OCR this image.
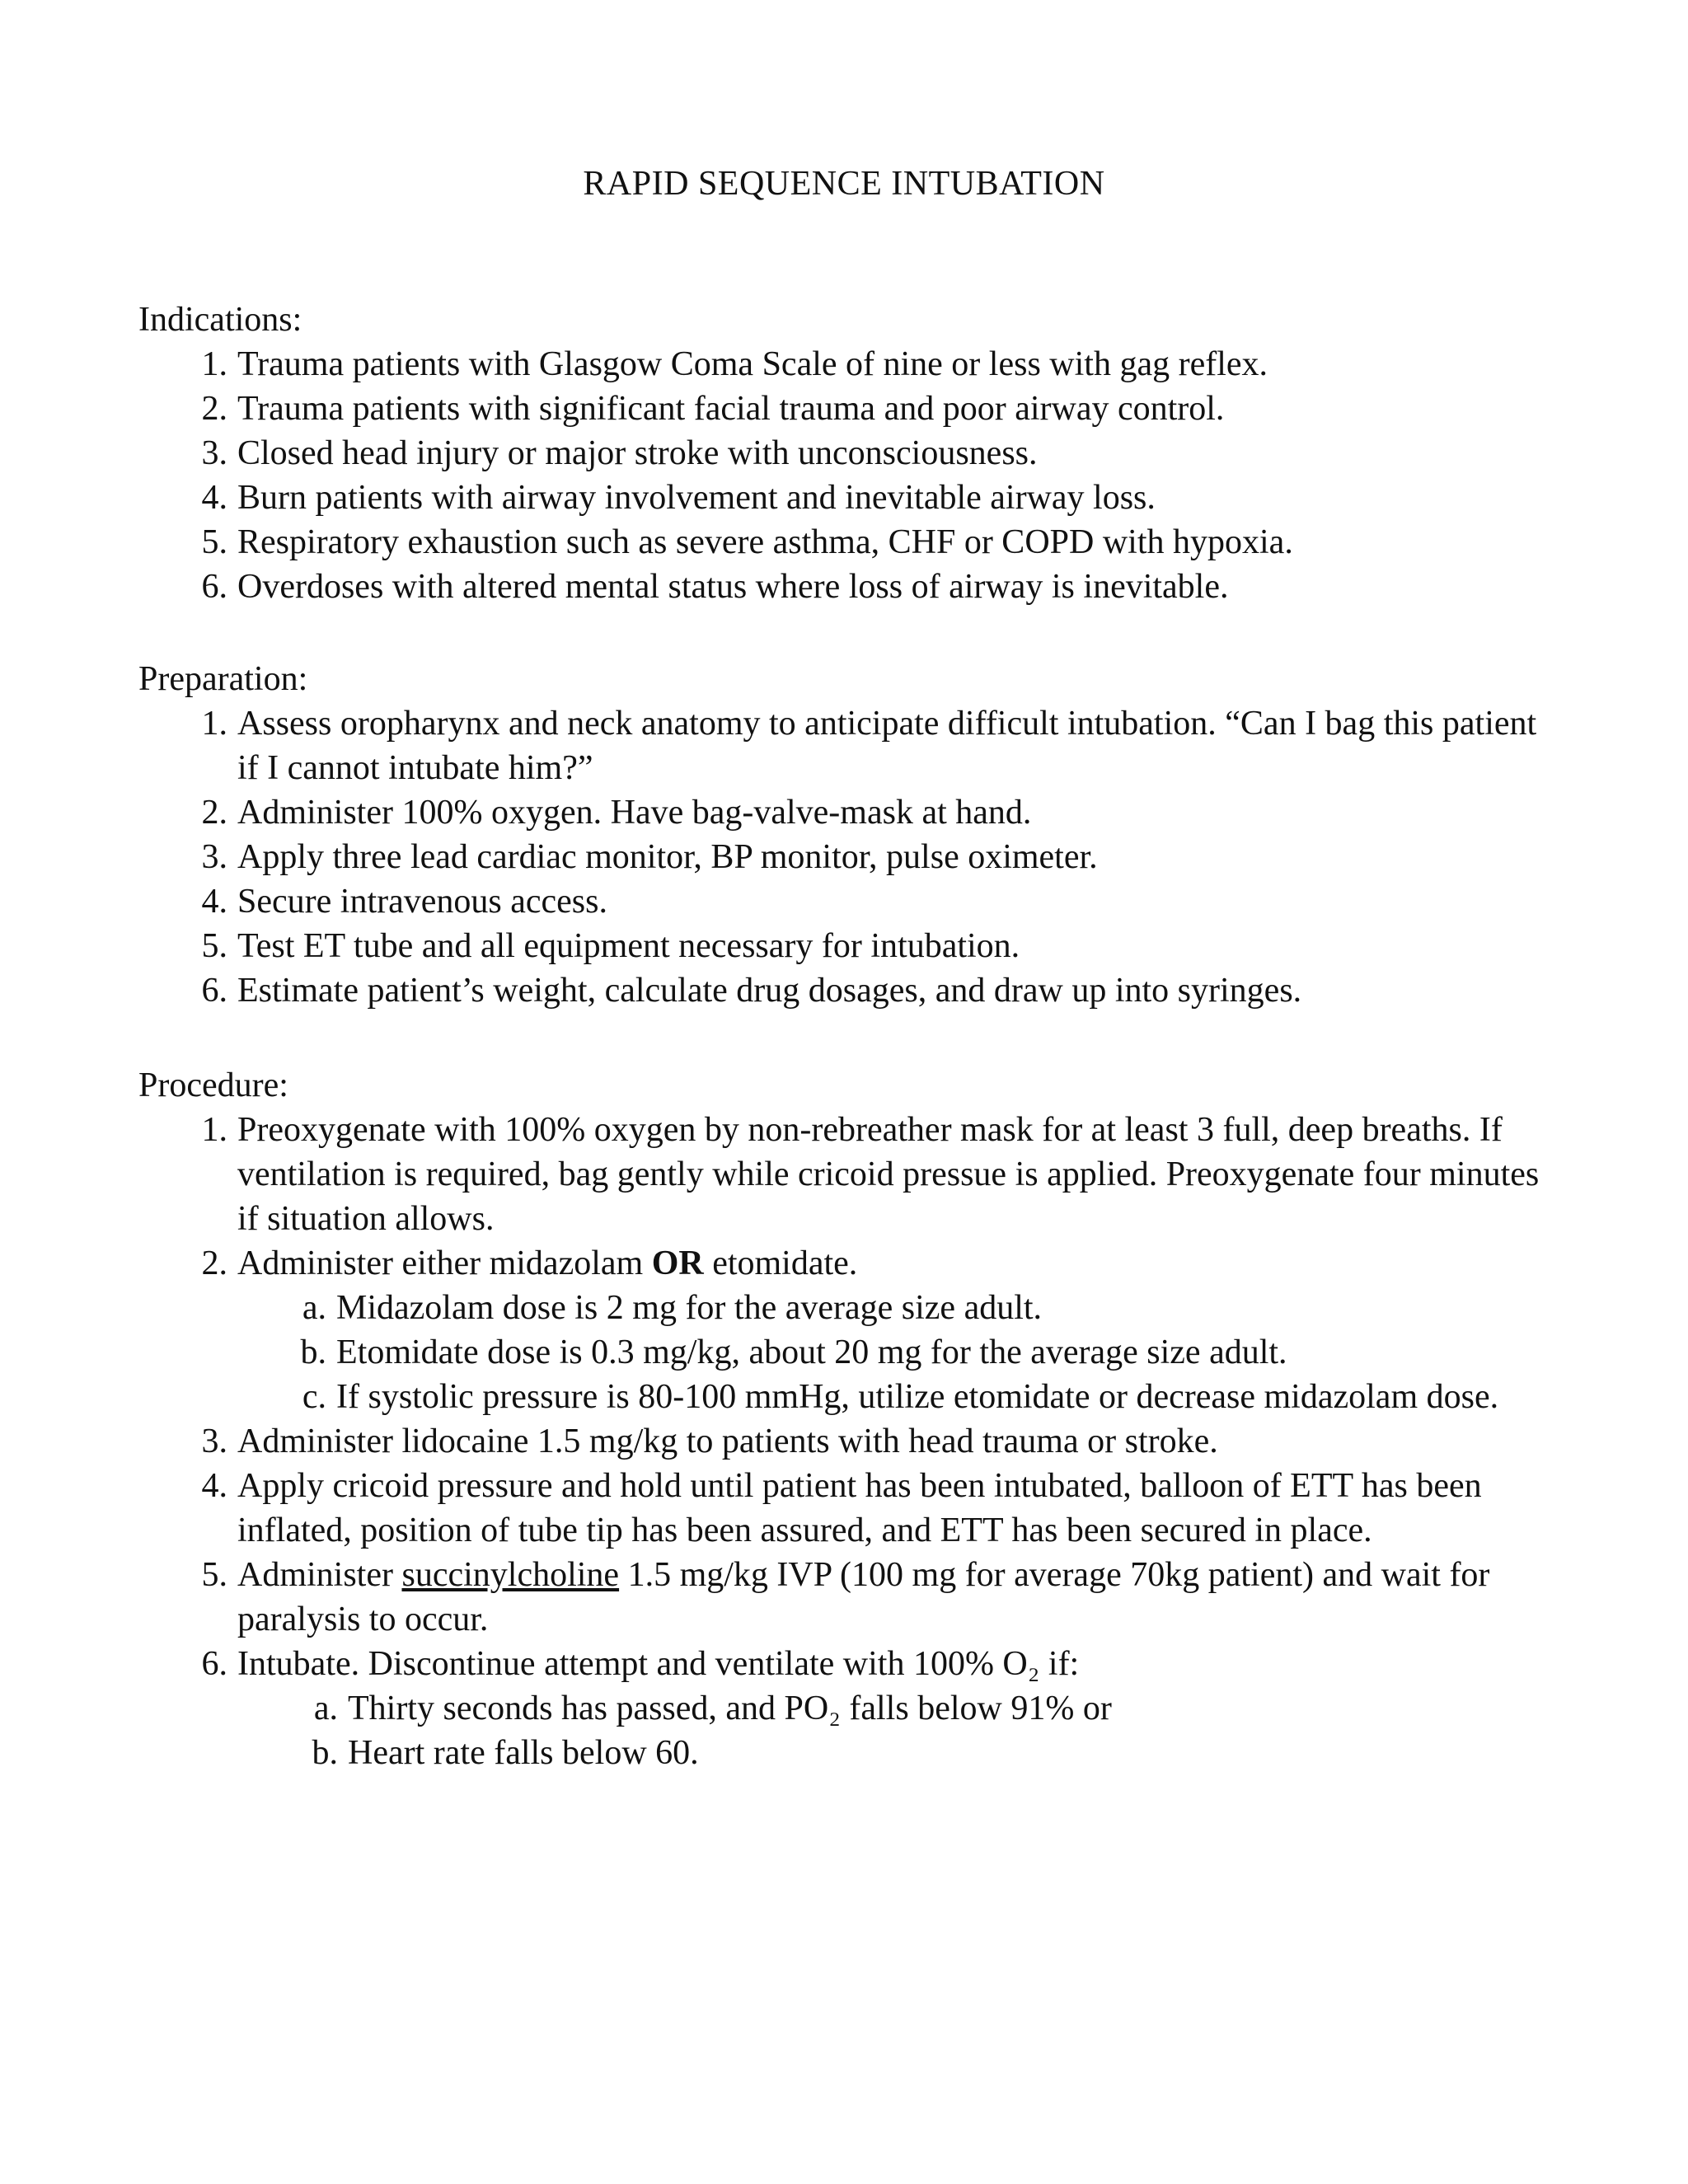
RAPID SEQUENCE INTUBATION
Indications:
1. Trauma patients with Glasgow Coma Scale of nine or less with gag reflex.
2. Trauma patients with significant facial trauma and poor airway control.
3. Closed head injury or major stroke with unconsciousness.
4. Burn patients with airway involvement and inevitable airway loss.
5. Respiratory exhaustion such as severe asthma, CHF or COPD with hypoxia.
6. Overdoses with altered mental status where loss of airway is inevitable.
Preparation:
1. Assess oropharynx and neck anatomy to anticipate difficult intubation. “Can I bag this patient if I cannot intubate him?”
2. Administer 100% oxygen. Have bag-valve-mask at hand.
3. Apply three lead cardiac monitor, BP monitor, pulse oximeter.
4. Secure intravenous access.
5. Test ET tube and all equipment necessary for intubation.
6. Estimate patient’s weight, calculate drug dosages, and draw up into syringes.
Procedure:
1. Preoxygenate with 100% oxygen by non-rebreather mask for at least 3 full, deep breaths. If ventilation is required, bag gently while cricoid pressue is applied. Preoxygenate four minutes if situation allows.
2. Administer either midazolam OR etomidate.
a. Midazolam dose is 2 mg for the average size adult.
b. Etomidate dose is 0.3 mg/kg, about 20 mg for the average size adult.
c. If systolic pressure is 80-100 mmHg, utilize etomidate or decrease midazolam dose.
3. Administer lidocaine 1.5 mg/kg to patients with head trauma or stroke.
4. Apply cricoid pressure and hold until patient has been intubated, balloon of ETT has been inflated, position of tube tip has been assured, and ETT has been secured in place.
5. Administer succinylcholine 1.5 mg/kg IVP (100 mg for average 70kg patient) and wait for paralysis to occur.
6. Intubate. Discontinue attempt and ventilate with 100% O₂ if:
a. Thirty seconds has passed, and PO₂ falls below 91% or
b. Heart rate falls below 60.
